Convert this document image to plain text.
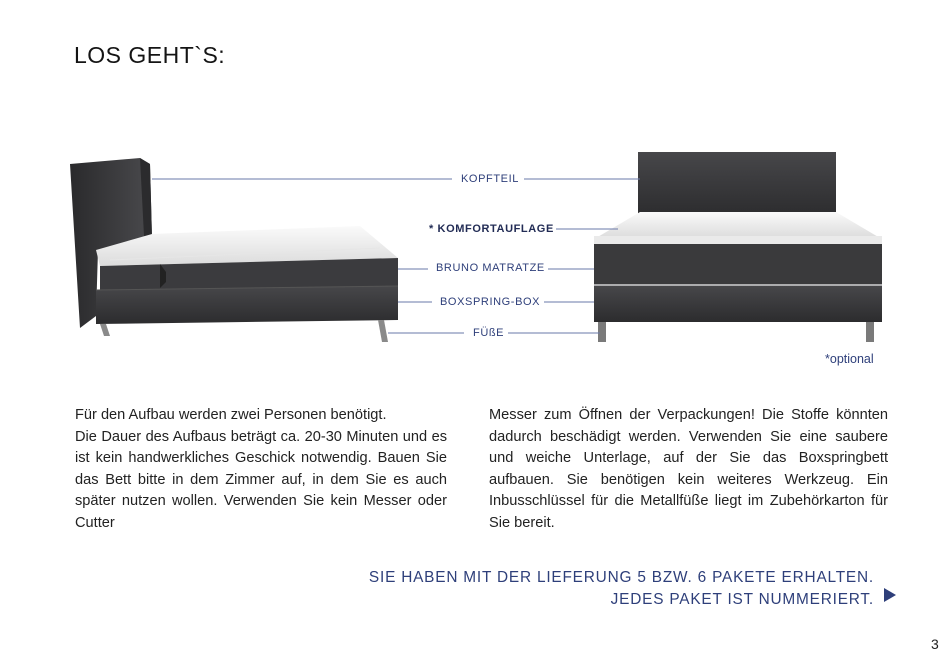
LOS GEHT`S:
KOPFTEIL
* KOMFORTAUFLAGE
BRUNO MATRATZE
BOXSPRING-BOX
FÜßE
*optional

Für den Aufbau werden zwei Personen benötigt.

Die Dauer des Aufbaus beträgt ca. 20-30 Minuten und es ist kein handwerkliches Geschick notwendig. Bauen Sie das Bett bitte in dem Zimmer auf, in dem Sie es auch später nutzen wollen. Verwenden Sie kein Messer oder Cutter

Messer zum Öffnen der Verpackungen! Die Stoffe könnten dadurch beschädigt werden. Verwenden Sie eine saubere und weiche Unterlage, auf der Sie das Boxspringbett aufbauen. Sie benötigen kein weiteres Werkzeug. Ein Inbusschlüssel für die Metallfüße liegt im Zubehörkarton für Sie bereit.

SIE HABEN MIT DER LIEFERUNG 5 BZW. 6 PAKETE ERHALTEN.
JEDES PAKET IST NUMMERIERT.
3
